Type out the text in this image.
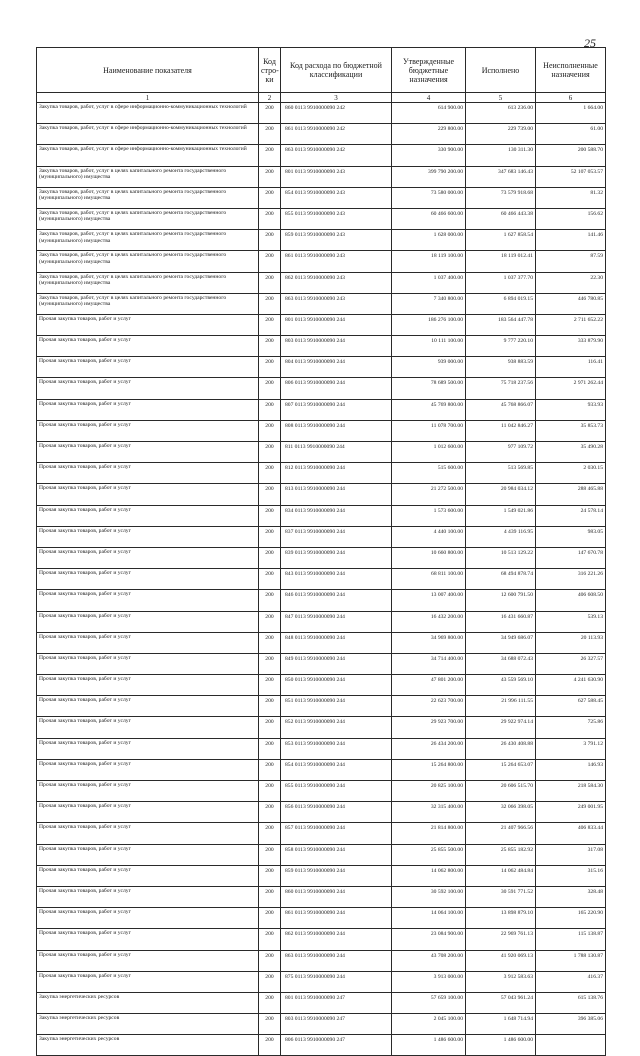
25
Наименование показателя	Код стро- ки	Код расхода по бюджетной классификации	Утвержденные бюджетные назначения	Исполнено	Неисполненные назначения
1	2	3	4	5	6
Закупка товаров, работ, услуг в сфере информационно-коммуникационных технологий	200	860 0113 9910000090 242	614 900.00	613 236.00	1 664.00
Закупка товаров, работ, услуг в сфере информационно-коммуникационных технологий	200	861 0113 9910000090 242	229 800.00	229 739.00	61.00
Закупка товаров, работ, услуг в сфере информационно-коммуникационных технологий	200	863 0113 9910000090 242	330 900.00	130 311.30	200 588.70
Закупка товаров, работ, услуг в целях капитального ремонта государственного (муниципального) имущества	200	801 0113 9910000090 243	399 790 200.00	347 683 146.43	52 107 053.57
Закупка товаров, работ, услуг в целях капитального ремонта государственного (муниципального) имущества	200	854 0113 9910000090 243	73 580 000.00	73 579 918.68	81.32
Закупка товаров, работ, услуг в целях капитального ремонта государственного (муниципального) имущества	200	855 0113 9910000090 243	60 466 600.00	60 466 443.38	156.62
Закупка товаров, работ, услуг в целях капитального ремонта государственного (муниципального) имущества	200	859 0113 9910000090 243	1 628 000.00	1 627 858.54	141.46
Закупка товаров, работ, услуг в целях капитального ремонта государственного (муниципального) имущества	200	861 0113 9910000090 243	18 119 100.00	18 119 012.41	87.59
Закупка товаров, работ, услуг в целях капитального ремонта государственного (муниципального) имущества	200	862 0113 9910000090 243	1 037 400.00	1 037 377.70	22.30
Закупка товаров, работ, услуг в целях капитального ремонта государственного (муниципального) имущества	200	863 0113 9910000090 243	7 340 800.00	6 894 019.15	446 780.85
Прочая закупка товаров, работ и услуг	200	801 0113 9910000090 244	186 276 100.00	183 564 447.78	2 711 652.22
Прочая закупка товаров, работ и услуг	200	803 0113 9910000090 244	10 111 100.00	9 777 220.10	333 879.90
Прочая закупка товаров, работ и услуг	200	804 0113 9910000090 244	939 000.00	938 883.59	116.41
Прочая закупка товаров, работ и услуг	200	806 0113 9910000090 244	78 689 500.00	75 718 237.56	2 971 262.44
Прочая закупка товаров, работ и услуг	200	807 0113 9910000090 244	45 769 800.00	45 768 866.07	933.93
Прочая закупка товаров, работ и услуг	200	808 0113 9910000090 244	11 078 700.00	11 042 846.27	35 853.73
Прочая закупка товаров, работ и услуг	200	811 0113 9910000090 244	1 012 600.00	977 109.72	35 490.28
Прочая закупка товаров, работ и услуг	200	812 0113 9910000090 244	515 600.00	513 569.85	2 030.15
Прочая закупка товаров, работ и услуг	200	813 0113 9910000090 244	21 272 500.00	20 984 034.12	288 465.88
Прочая закупка товаров, работ и услуг	200	834 0113 9910000090 244	1 573 600.00	1 549 021.86	24 578.14
Прочая закупка товаров, работ и услуг	200	837 0113 9910000090 244	4 440 100.00	4 439 116.95	983.05
Прочая закупка товаров, работ и услуг	200	839 0113 9910000090 244	10 660 800.00	10 513 129.22	147 670.78
Прочая закупка товаров, работ и услуг	200	843 0113 9910000090 244	68 811 100.00	68 494 878.74	316 221.26
Прочая закупка товаров, работ и услуг	200	846 0113 9910000090 244	13 007 400.00	12 600 791.50	406 608.50
Прочая закупка товаров, работ и услуг	200	847 0113 9910000090 244	16 432 200.00	16 431 660.87	539.13
Прочая закупка товаров, работ и услуг	200	848 0113 9910000090 244	34 969 800.00	34 949 686.07	20 113.93
Прочая закупка товаров, работ и услуг	200	849 0113 9910000090 244	34 714 400.00	34 688 072.43	26 327.57
Прочая закупка товаров, работ и услуг	200	850 0113 9910000090 244	47 801 200.00	43 559 569.10	4 241 630.90
Прочая закупка товаров, работ и услуг	200	851 0113 9910000090 244	22 623 700.00	21 996 111.55	627 588.45
Прочая закупка товаров, работ и услуг	200	852 0113 9910000090 244	29 923 700.00	29 922 974.14	725.86
Прочая закупка товаров, работ и услуг	200	853 0113 9910000090 244	26 434 200.00	26 430 408.88	3 791.12
Прочая закупка товаров, работ и услуг	200	854 0113 9910000090 244	15 264 800.00	15 264 653.07	146.93
Прочая закупка товаров, работ и услуг	200	855 0113 9910000090 244	20 825 100.00	20 606 515.70	218 584.30
Прочая закупка товаров, работ и услуг	200	856 0113 9910000090 244	32 315 400.00	32 066 398.05	249 001.95
Прочая закупка товаров, работ и услуг	200	857 0113 9910000090 244	21 814 800.00	21 407 966.56	406 833.44
Прочая закупка товаров, работ и услуг	200	858 0113 9910000090 244	25 855 500.00	25 855 182.92	317.08
Прочая закупка товаров, работ и услуг	200	859 0113 9910000090 244	14 062 800.00	14 062 484.84	315.16
Прочая закупка товаров, работ и услуг	200	860 0113 9910000090 244	30 592 100.00	30 591 771.52	328.48
Прочая закупка товаров, работ и услуг	200	861 0113 9910000090 244	14 064 100.00	13 898 879.10	165 220.90
Прочая закупка товаров, работ и услуг	200	862 0113 9910000090 244	23 084 900.00	22 969 761.13	115 138.87
Прочая закупка товаров, работ и услуг	200	863 0113 9910000090 244	43 708 200.00	41 920 069.13	1 788 130.87
Прочая закупка товаров, работ и услуг	200	875 0113 9910000090 244	3 913 000.00	3 912 583.63	416.37
Закупка энергетических ресурсов	200	801 0113 9910000090 247	57 659 100.00	57 043 961.24	615 138.76
Закупка энергетических ресурсов	200	803 0113 9910000090 247	2 045 100.00	1 648 714.94	396 385.06
Закупка энергетических ресурсов	200	806 0113 9910000090 247	1 486 600.00	1 486 600.00	
